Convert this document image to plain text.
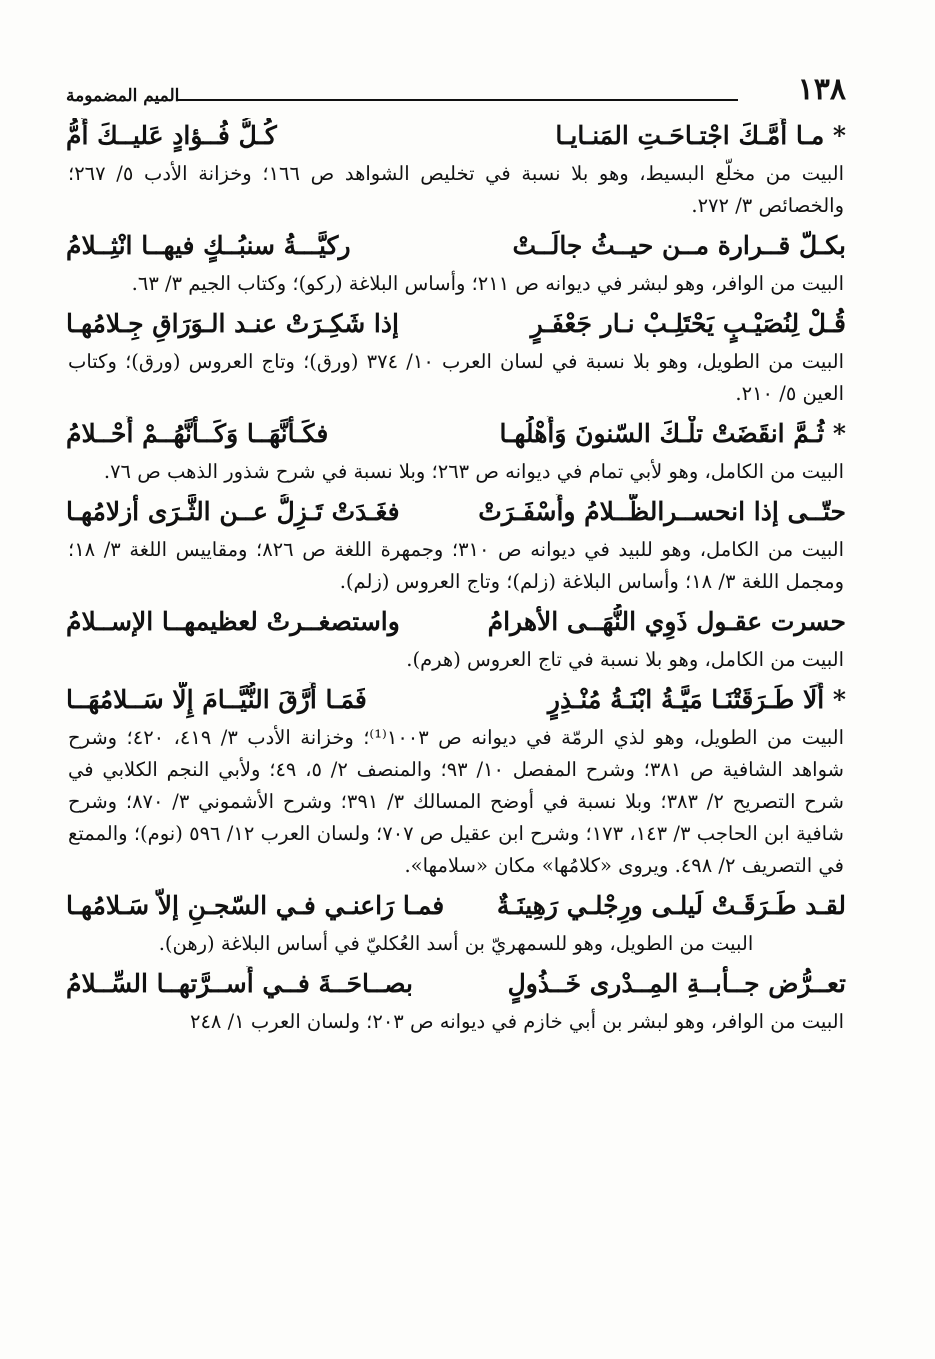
١٣٨
الميم المضمومة
* مـا أُمَّـكَ اجْتـاحَـتِ المَنـايـا
كُـلُّ فُــؤادٍ عَليــكَ أُمُّ

البيت من مخلّع البسيط، وهو بلا نسبة في تخليص الشواهد ص ١٦٦؛ وخزانة الأدب ٥/ ٢٦٧؛ والخصائص ٣/ ٢٧٢.

بكـلّ قــرارة مــن حيــثُ جالَــتْ
ركيَّـــةُ سنبُــكٍ فيهــا انْثِــلامُ

البيت من الوافر، وهو لبشر في ديوانه ص ٢١١؛ وأساس البلاغة (ركو)؛ وكتاب الجيم ٣/ ٦٣.

قُـلْ لِنُصَيْـبٍ يَحْتَلِـبْ نـار جَعْفَـرٍ
إذا شَكِـرَتْ عنـد الـوَرَاقِ جِـلامُهـا

البيت من الطويل، وهو بلا نسبة في لسان العرب ١٠/ ٣٧٤ (ورق)؛ وتاج العروس (ورق)؛ وكتاب العين ٥/ ٢١٠.

* ثُـمَّ انقَضَتْ تلْـكَ السّنونَ وَأَهْلُهـا
فكَـأَنَّهَــا وَكَــأَنَّهُــمْ أَحْــلامُ

البيت من الكامل، وهو لأبي تمام في ديوانه ص ٢٦٣؛ وبلا نسبة في شرح شذور الذهب ص ٧٦.

حتّــى إذا انحســرالظَّــلامُ وأَسْفَـرَتْ
فغَـدَتْ تَـزِلُّ عــن الثَّـرَى أزلامُهـا

البيت من الكامل، وهو للبيد في ديوانه ص ٣١٠؛ وجمهرة اللغة ص ٨٢٦؛ ومقاييس اللغة ٣/ ١٨؛ ومجمل اللغة ٣/ ١٨؛ وأساس البلاغة (زلم)؛ وتاج العروس (زلم).

حسرت عقـول ذَوِي النُّهَــى الأهرامُ
واستصغــرتْ لعظيمهــا الإســلامُ

البيت من الكامل، وهو بلا نسبة في تاج العروس (هرم).

* أَلَا طَـرَقَتْنَـا مَيَّـةُ ابْنَـةُ مُنْـذِرٍ
فَمَـا أَرَّقَ النُّيَّــامَ إِلَّا سَــلامُهَــا

البيت من الطويل، وهو لذي الرمّة في ديوانه ص ١٠٠٣⁽¹⁾؛ وخزانة الأدب ٣/ ٤١٩، ٤٢٠؛ وشرح شواهد الشافية ص ٣٨١؛ وشرح المفصل ١٠/ ٩٣؛ والمنصف ٢/ ٥، ٤٩؛ ولأبي النجم الكلابي في شرح التصريح ٢/ ٣٨٣؛ وبلا نسبة في أوضح المسالك ٣/ ٣٩١؛ وشرح الأشموني ٣/ ٨٧٠؛ وشرح شافية ابن الحاجب ٣/ ١٤٣، ١٧٣؛ وشرح ابن عقيل ص ٧٠٧؛ ولسان العرب ١٢/ ٥٩٦ (نوم)؛ والممتع في التصريف ٢/ ٤٩٨. ويروى «كلامُها» مكان «سلامها».

لقـد طَـرَقَـتْ لَيلـى ورِجْلـي رَهِينَـةٌ
فمـا رَاعنـي فـي السّجـنِ إلاّ سَـلامُهـا

البيت من الطويل، وهو للسمهريّ بن أسد العُكليّ في أساس البلاغة (رهن).

تعــرُّض جــأبــةِ المِــدْرى خَــذُولٍ
بصــاحَــةَ فــي أَســرَّتهــا السِّــلامُ

البيت من الوافر، وهو لبشر بن أبي خازم في ديوانه ص ٢٠٣؛ ولسان العرب ١/ ٢٤٨
